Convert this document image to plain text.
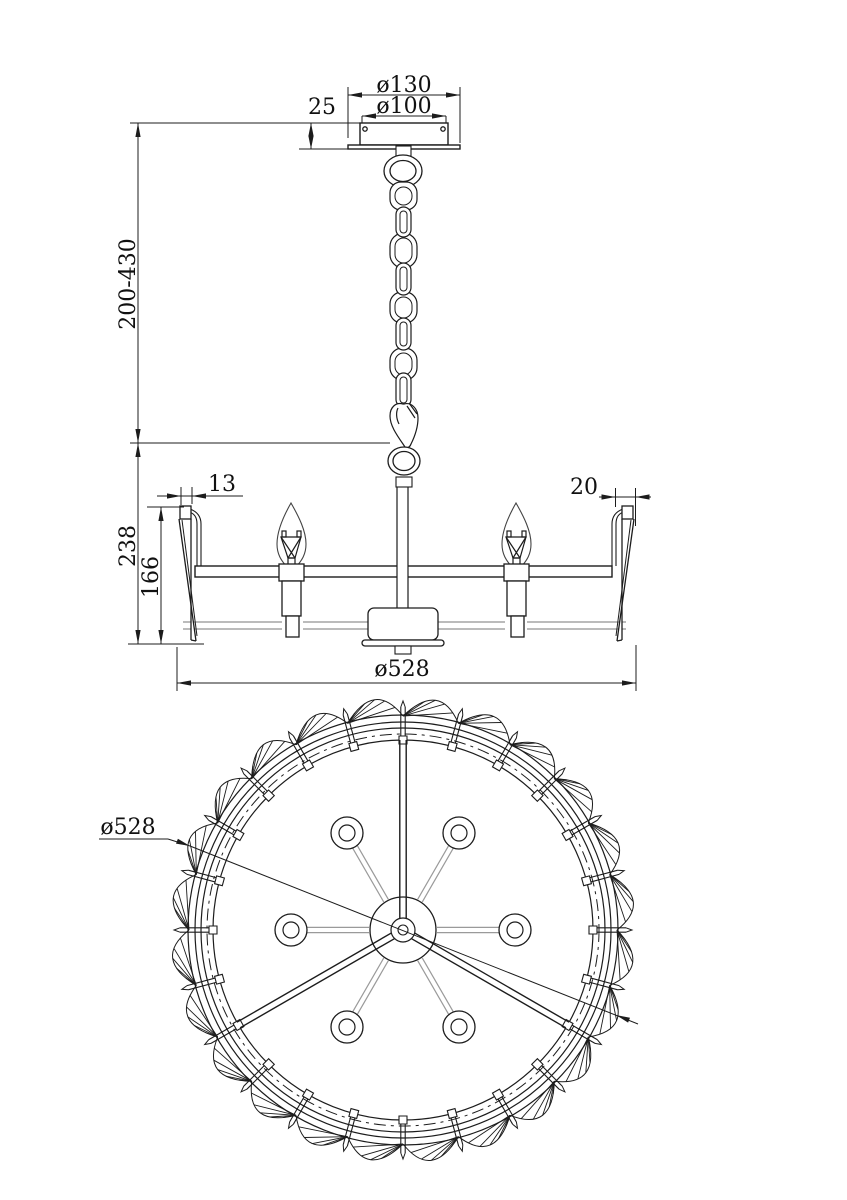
ø130
ø100
25
200-430
238
166
13	20
ø528
ø528
